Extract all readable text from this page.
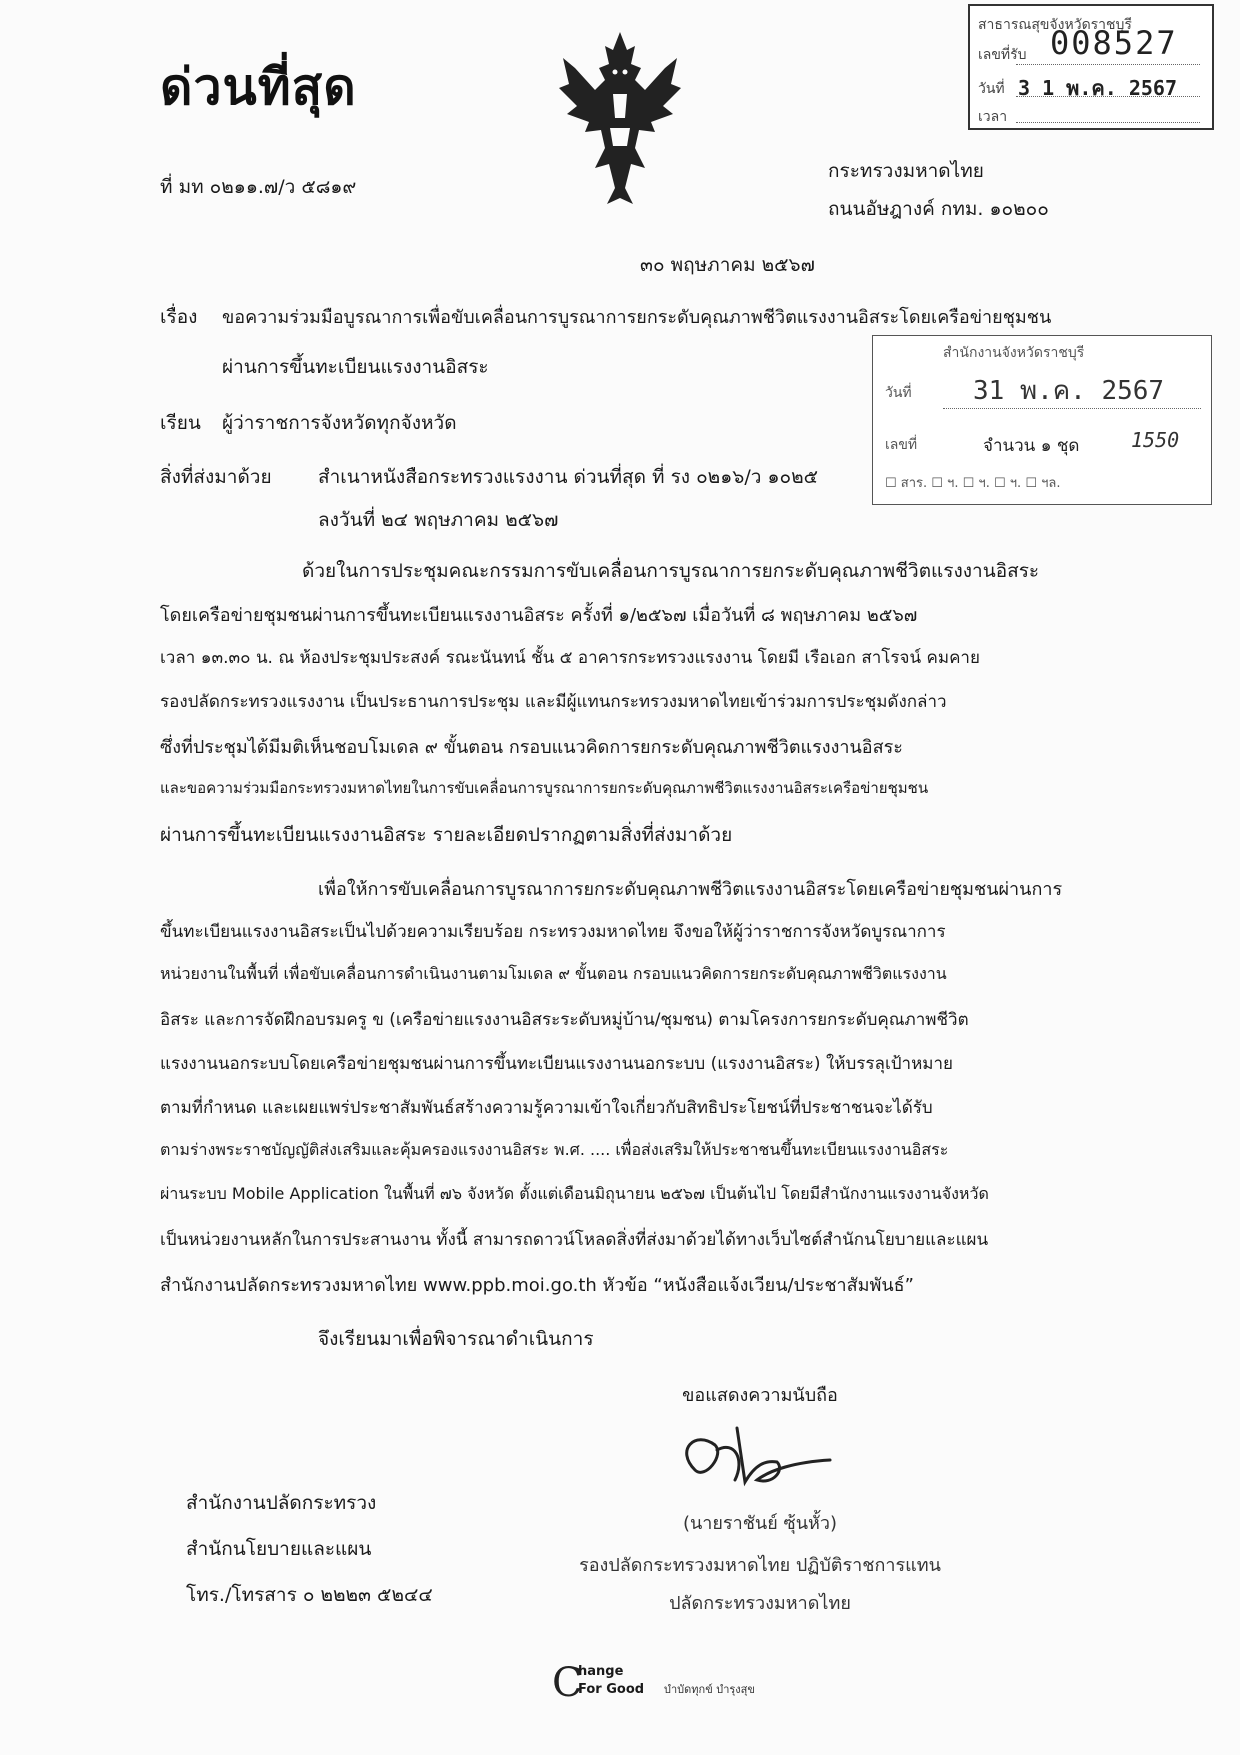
ด่วนที่สุด
ที่ มท ๐๒๑๑.๗/ว ๕๘๑๙
กระทรวงมหาดไทย
ถนนอัษฎางค์ กทม. ๑๐๒๐๐
๓๐ พฤษภาคม ๒๕๖๗
สาธารณสุขจังหวัดราชบุรี
เลขที่รับ 008527
วันที่ 3 1 พ.ค. 2567
เวลา
เรื่อง ขอความร่วมมือบูรณาการเพื่อขับเคลื่อนการบูรณาการยกระดับคุณภาพชีวิตแรงงานอิสระโดยเครือข่ายชุมชน
ผ่านการขึ้นทะเบียนแรงงานอิสระ
สำนักงานจังหวัดราชบุรี
วันที่ 31 พ.ค. 2567
เลขที่	จำนวน ๑ ชุด	1550
☐ สาร. ☐ ฯ. ☐ ฯ. ☐ ฯ. ☐ ฯล.
เรียน ผู้ว่าราชการจังหวัดทุกจังหวัด
สิ่งที่ส่งมาด้วย สำเนาหนังสือกระทรวงแรงงาน ด่วนที่สุด ที่ รง ๐๒๑๖/ว ๑๐๒๕
ลงวันที่ ๒๔ พฤษภาคม ๒๕๖๗
ด้วยในการประชุมคณะกรรมการขับเคลื่อนการบูรณาการยกระดับคุณภาพชีวิตแรงงานอิสระ
โดยเครือข่ายชุมชนผ่านการขึ้นทะเบียนแรงงานอิสระ ครั้งที่ ๑/๒๕๖๗ เมื่อวันที่ ๘ พฤษภาคม ๒๕๖๗
เวลา ๑๓.๓๐ น. ณ ห้องประชุมประสงค์ รณะนันทน์ ชั้น ๕ อาคารกระทรวงแรงงาน โดยมี เรือเอก สาโรจน์ คมคาย
รองปลัดกระทรวงแรงงาน เป็นประธานการประชุม และมีผู้แทนกระทรวงมหาดไทยเข้าร่วมการประชุมดังกล่าว
ซึ่งที่ประชุมได้มีมติเห็นชอบโมเดล ๙ ขั้นตอน กรอบแนวคิดการยกระดับคุณภาพชีวิตแรงงานอิสระ
และขอความร่วมมือกระทรวงมหาดไทยในการขับเคลื่อนการบูรณาการยกระดับคุณภาพชีวิตแรงงานอิสระเครือข่ายชุมชน
ผ่านการขึ้นทะเบียนแรงงานอิสระ รายละเอียดปรากฏตามสิ่งที่ส่งมาด้วย
เพื่อให้การขับเคลื่อนการบูรณาการยกระดับคุณภาพชีวิตแรงงานอิสระโดยเครือข่ายชุมชนผ่านการ
ขึ้นทะเบียนแรงงานอิสระเป็นไปด้วยความเรียบร้อย กระทรวงมหาดไทย จึงขอให้ผู้ว่าราชการจังหวัดบูรณาการ
หน่วยงานในพื้นที่ เพื่อขับเคลื่อนการดำเนินงานตามโมเดล ๙ ขั้นตอน กรอบแนวคิดการยกระดับคุณภาพชีวิตแรงงาน
อิสระ และการจัดฝึกอบรมครู ข (เครือข่ายแรงงานอิสระระดับหมู่บ้าน/ชุมชน) ตามโครงการยกระดับคุณภาพชีวิต
แรงงานนอกระบบโดยเครือข่ายชุมชนผ่านการขึ้นทะเบียนแรงงานนอกระบบ (แรงงานอิสระ) ให้บรรลุเป้าหมาย
ตามที่กำหนด และเผยแพร่ประชาสัมพันธ์สร้างความรู้ความเข้าใจเกี่ยวกับสิทธิประโยชน์ที่ประชาชนจะได้รับ
ตามร่างพระราชบัญญัติส่งเสริมและคุ้มครองแรงงานอิสระ พ.ศ. .... เพื่อส่งเสริมให้ประชาชนขึ้นทะเบียนแรงงานอิสระ
ผ่านระบบ Mobile Application ในพื้นที่ ๗๖ จังหวัด ตั้งแต่เดือนมิถุนายน ๒๕๖๗ เป็นต้นไป โดยมีสำนักงานแรงงานจังหวัด
เป็นหน่วยงานหลักในการประสานงาน ทั้งนี้ สามารถดาวน์โหลดสิ่งที่ส่งมาด้วยได้ทางเว็บไซต์สำนักนโยบายและแผน
สำนักงานปลัดกระทรวงมหาดไทย www.ppb.moi.go.th หัวข้อ “หนังสือแจ้งเวียน/ประชาสัมพันธ์”
จึงเรียนมาเพื่อพิจารณาดำเนินการ
ขอแสดงความนับถือ
(นายราชันย์ ซุ้นหั้ว)
รองปลัดกระทรวงมหาดไทย ปฏิบัติราชการแทน
ปลัดกระทรวงมหาดไทย
สำนักงานปลัดกระทรวง
สำนักนโยบายและแผน
โทร./โทรสาร ๐ ๒๒๒๓ ๕๒๔๔
C
hange
For Good บำบัดทุกข์ บำรุงสุข
